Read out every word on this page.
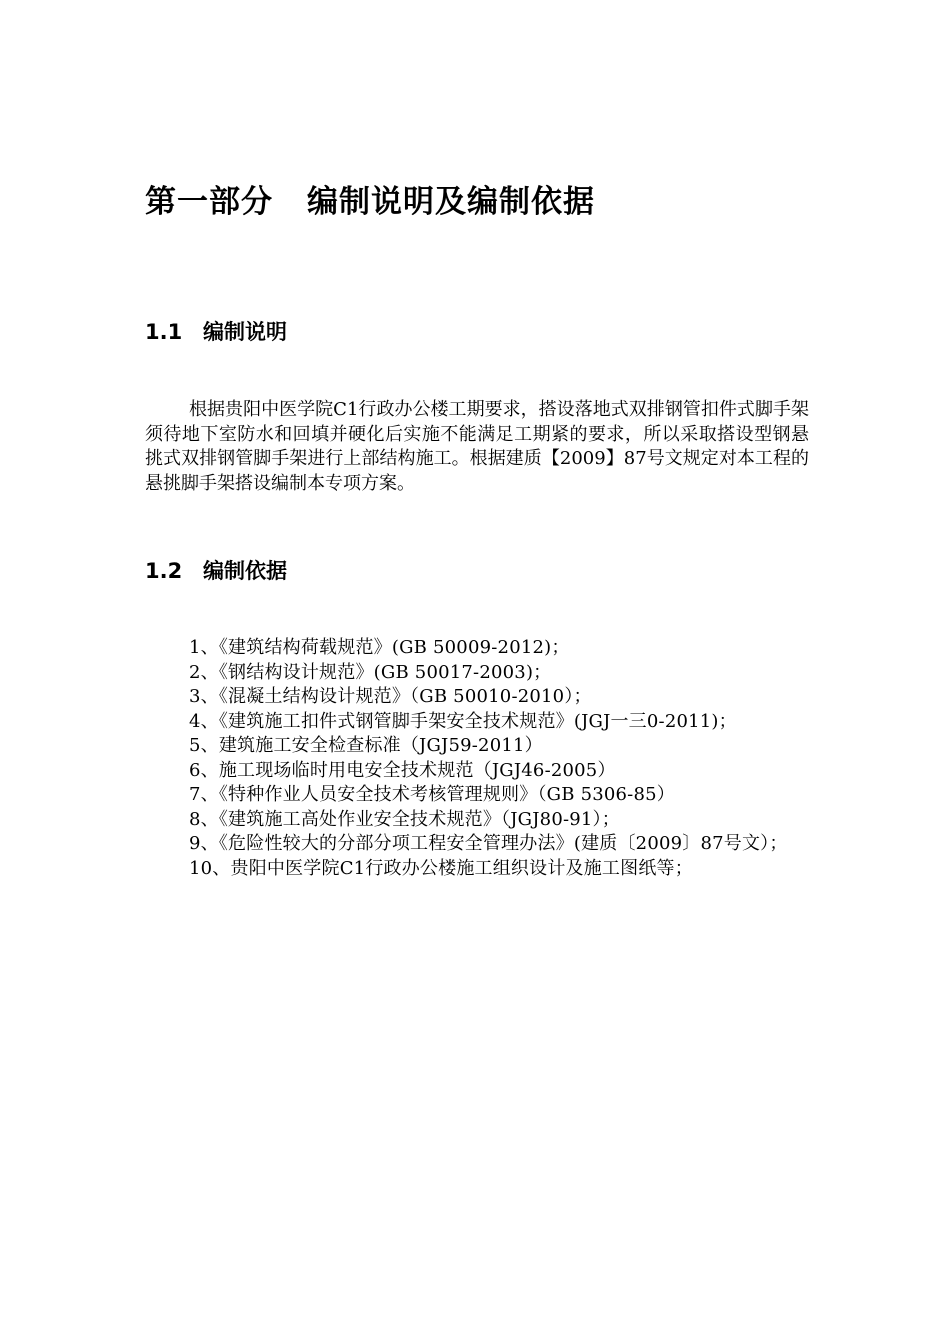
第一部分 编制说明及编制依据
1.1 编制说明

根据贵阳中医学院C1行政办公楼工期要求，搭设落地式双排钢管扣件式脚手架须待地下室防水和回填并硬化后实施不能满足工期紧的要求，所以采取搭设型钢悬挑式双排钢管脚手架进行上部结构施工。根据建质【2009】87号文规定对本工程的悬挑脚手架搭设编制本专项方案。

1.2 编制依据
1、《建筑结构荷载规范》(GB 50009-2012)；
2、《钢结构设计规范》(GB 50017-2003)；
3、《混凝土结构设计规范》（GB 50010-2010）；
4、《建筑施工扣件式钢管脚手架安全技术规范》(JGJ一三0-2011)；
5、建筑施工安全检查标准（JGJ59-2011）
6、施工现场临时用电安全技术规范（JGJ46-2005）
7、《特种作业人员安全技术考核管理规则》（GB 5306-85）
8、《建筑施工高处作业安全技术规范》（JGJ80-91）；
9、《危险性较大的分部分项工程安全管理办法》(建质〔2009〕87号文）；
10、贵阳中医学院C1行政办公楼施工组织设计及施工图纸等；
